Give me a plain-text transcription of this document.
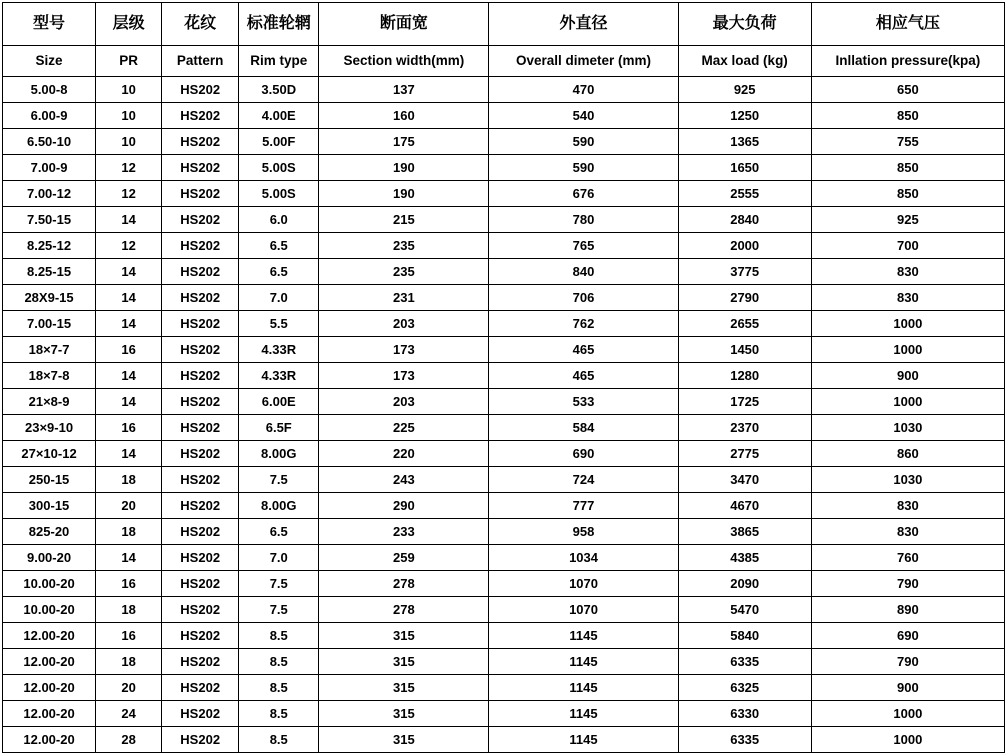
型号	层级	花纹	标准轮辋	断面宽	外直径	最大负荷	相应气压
Size	PR	Pattern	Rim type	Section width(mm)	Overall dimeter (mm)	Max load (kg)	Inllation pressure(kpa)
5.00-8	10	HS202	3.50D	137	470	925	650
6.00-9	10	HS202	4.00E	160	540	1250	850
6.50-10	10	HS202	5.00F	175	590	1365	755
7.00-9	12	HS202	5.00S	190	590	1650	850
7.00-12	12	HS202	5.00S	190	676	2555	850
7.50-15	14	HS202	6.0	215	780	2840	925
8.25-12	12	HS202	6.5	235	765	2000	700
8.25-15	14	HS202	6.5	235	840	3775	830
28X9-15	14	HS202	7.0	231	706	2790	830
7.00-15	14	HS202	5.5	203	762	2655	1000
18×7-7	16	HS202	4.33R	173	465	1450	1000
18×7-8	14	HS202	4.33R	173	465	1280	900
21×8-9	14	HS202	6.00E	203	533	1725	1000
23×9-10	16	HS202	6.5F	225	584	2370	1030
27×10-12	14	HS202	8.00G	220	690	2775	860
250-15	18	HS202	7.5	243	724	3470	1030
300-15	20	HS202	8.00G	290	777	4670	830
825-20	18	HS202	6.5	233	958	3865	830
9.00-20	14	HS202	7.0	259	1034	4385	760
10.00-20	16	HS202	7.5	278	1070	2090	790
10.00-20	18	HS202	7.5	278	1070	5470	890
12.00-20	16	HS202	8.5	315	1145	5840	690
12.00-20	18	HS202	8.5	315	1145	6335	790
12.00-20	20	HS202	8.5	315	1145	6325	900
12.00-20	24	HS202	8.5	315	1145	6330	1000
12.00-20	28	HS202	8.5	315	1145	6335	1000
